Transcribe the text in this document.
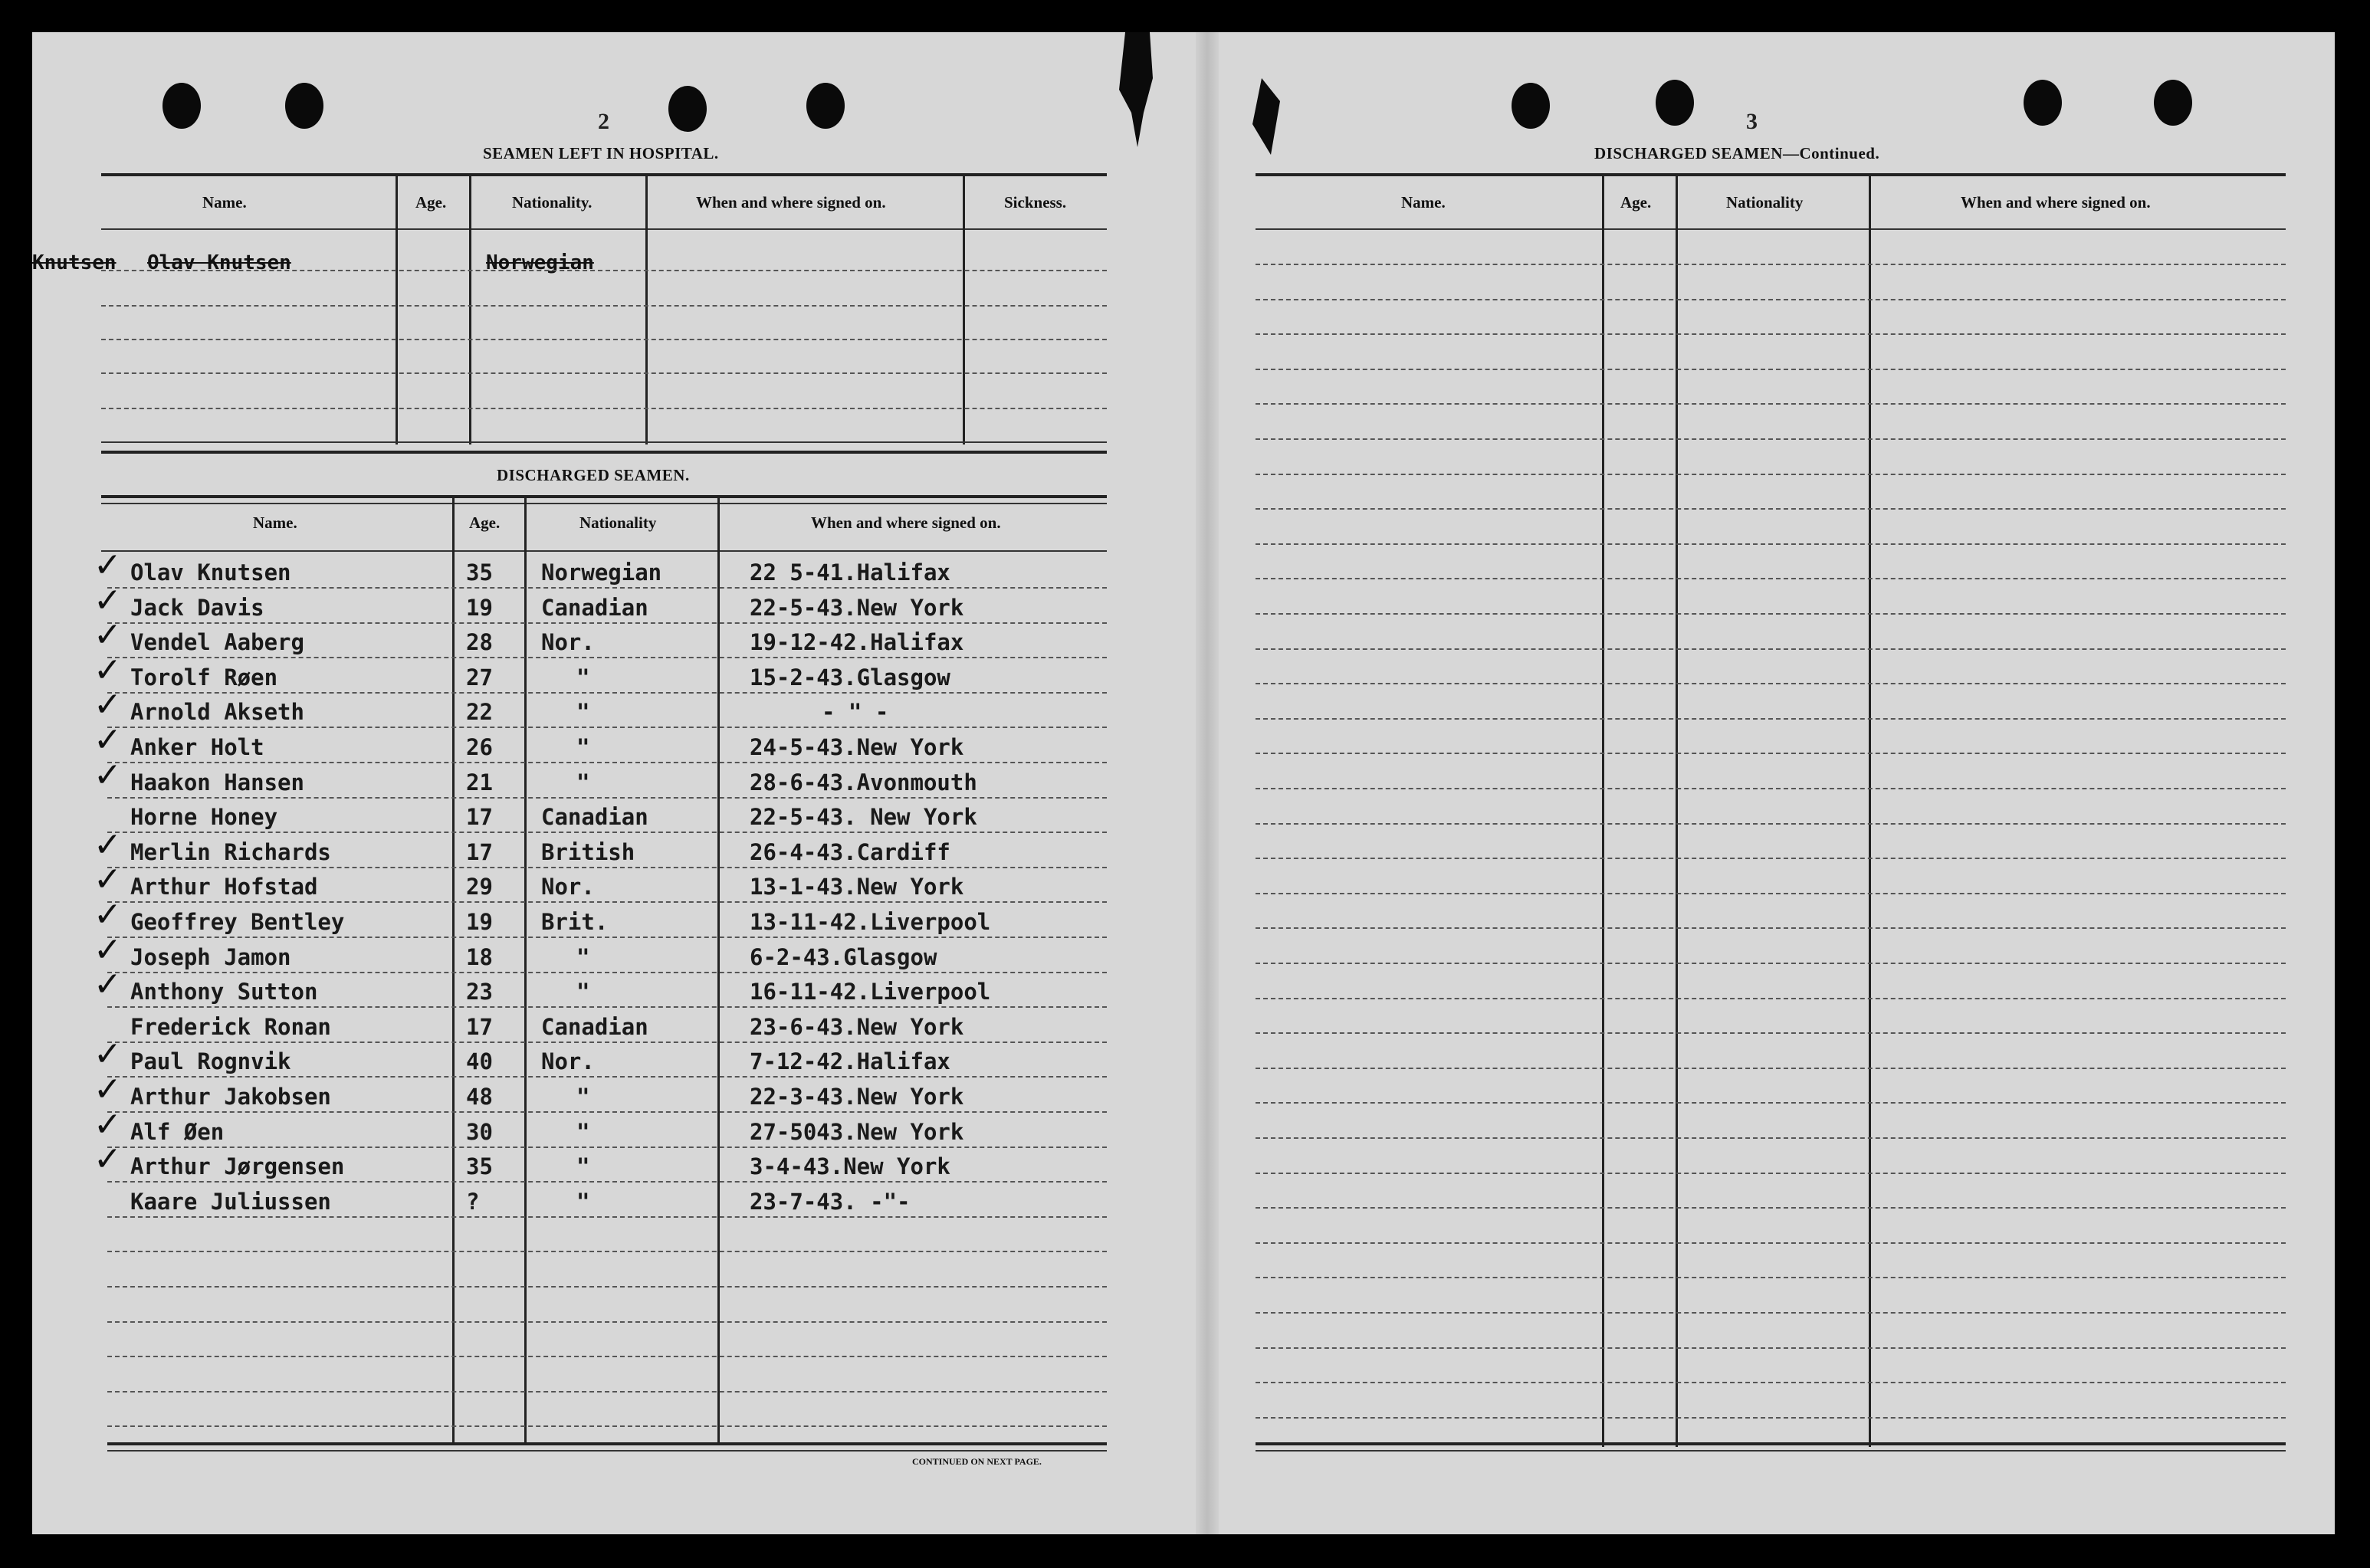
2
SEAMEN LEFT IN HOSPITAL.
Name.	Age.	Nationality.	When and where signed on.	Sickness.
Knutsen Olav Knutsen	Norwegian
DISCHARGED SEAMEN.
Name.	Age.	Nationality	When and where signed on.
✓ Olav Knutsen	35 Norwegian	22 5-41.Halifax
✓ Jack Davis	19 Canadian	22-5-43.New York
✓ Vendel Aaberg	28 Nor.	19-12-42.Halifax
✓ Torolf Røen	27	"	15-2-43.Glasgow
✓ Arnold Akseth	22	"	- " -
✓ Anker Holt	26	"	24-5-43.New York
✓ Haakon Hansen	21	"	28-6-43.Avonmouth
Horne Honey	17 Canadian	22-5-43. New York
✓ Merlin Richards	17 British	26-4-43.Cardiff
✓ Arthur Hofstad	29 Nor.	13-1-43.New York
✓ Geoffrey Bentley	19 Brit.	13-11-42.Liverpool
✓ Joseph Jamon	18	"	6-2-43.Glasgow
✓ Anthony Sutton	23	"	16-11-42.Liverpool
Frederick Ronan	17 Canadian	23-6-43.New York
✓ Paul Rognvik	40 Nor.	7-12-42.Halifax
✓ Arthur Jakobsen	48	"	22-3-43.New York
✓ Alf Øen	30	"	27-5043.New York
✓ Arthur Jørgensen	35	"	3-4-43.New York
Kaare Juliussen	?	"	23-7-43. -"-
CONTINUED ON NEXT PAGE.
3
DISCHARGED SEAMEN—Continued.
Name.	Age.	Nationality	When and where signed on.
